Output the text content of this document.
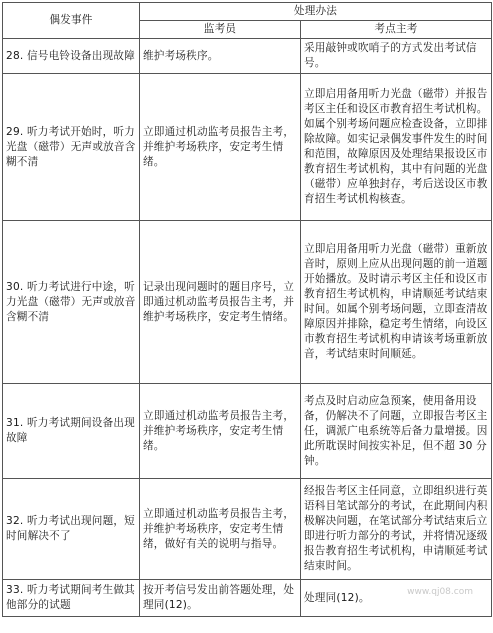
偶发事件	处理办法	
	监考员	考点主考
28. 信号电铃设备出现故障	维护考场秩序。	采用敲钟或吹哨子的方式发出考试信号。
29. 听力考试开始时，听力光盘（磁带）无声或放音含糊不清	立即通过机动监考员报告主考，并维护考场秩序，安定考生情绪。	立即启用备用听力光盘（磁带）并报告考区主任和设区市教育招生考试机构。如属个别考场问题应检查设备，立即排除故障。如实记录偶发事件发生的时间和范围，故障原因及处理结果报设区市教育招生考试机构，其中有问题的光盘（磁带）应单独封存，考后送设区市教育招生考试机构核查。
30. 听力考试进行中途，听力光盘（磁带）无声或放音含糊不清	记录出现问题时的题目序号，立即通过机动监考员报告主考，并维护考场秩序，安定考生情绪。	立即启用备用听力光盘（磁带）重新放音时，原则上应从出现问题的前一道题开始播放。及时请示考区主任和设区市教育招生考试机构，申请顺延考试结束时间。如属个别考场问题，立即查清故障原因并排除，稳定考生情绪，向设区市教育招生考试机构申请该考场重新放音，考试结束时间顺延。
31. 听力考试期间设备出现故障	立即通过机动监考员报告主考，并维护考场秩序，安定考生情绪。	考点及时启动应急预案，使用备用设备，仍解决不了问题，立即报告考区主任，调派广电系统等后备力量增援。因此所耽误时间按实补足，但不超 30 分钟。
32. 听力考试出现问题，短时间解决不了	立即通过机动监考员报告主考，并维护考场秩序，安定考生情绪，做好有关的说明与指导。	经报告考区主任同意，立即组织进行英语科目笔试部分的考试，在此期间内积极解决问题，在笔试部分考试结束后立即进行听力部分的考试，并将情况逐级报告教育招生考试机构，申请顺延考试结束时间。
33. 听力考试期间考生做其他部分的试题	按开考信号发出前答题处理，处理同(12)。	处理同(12)。	www.qj08.com
